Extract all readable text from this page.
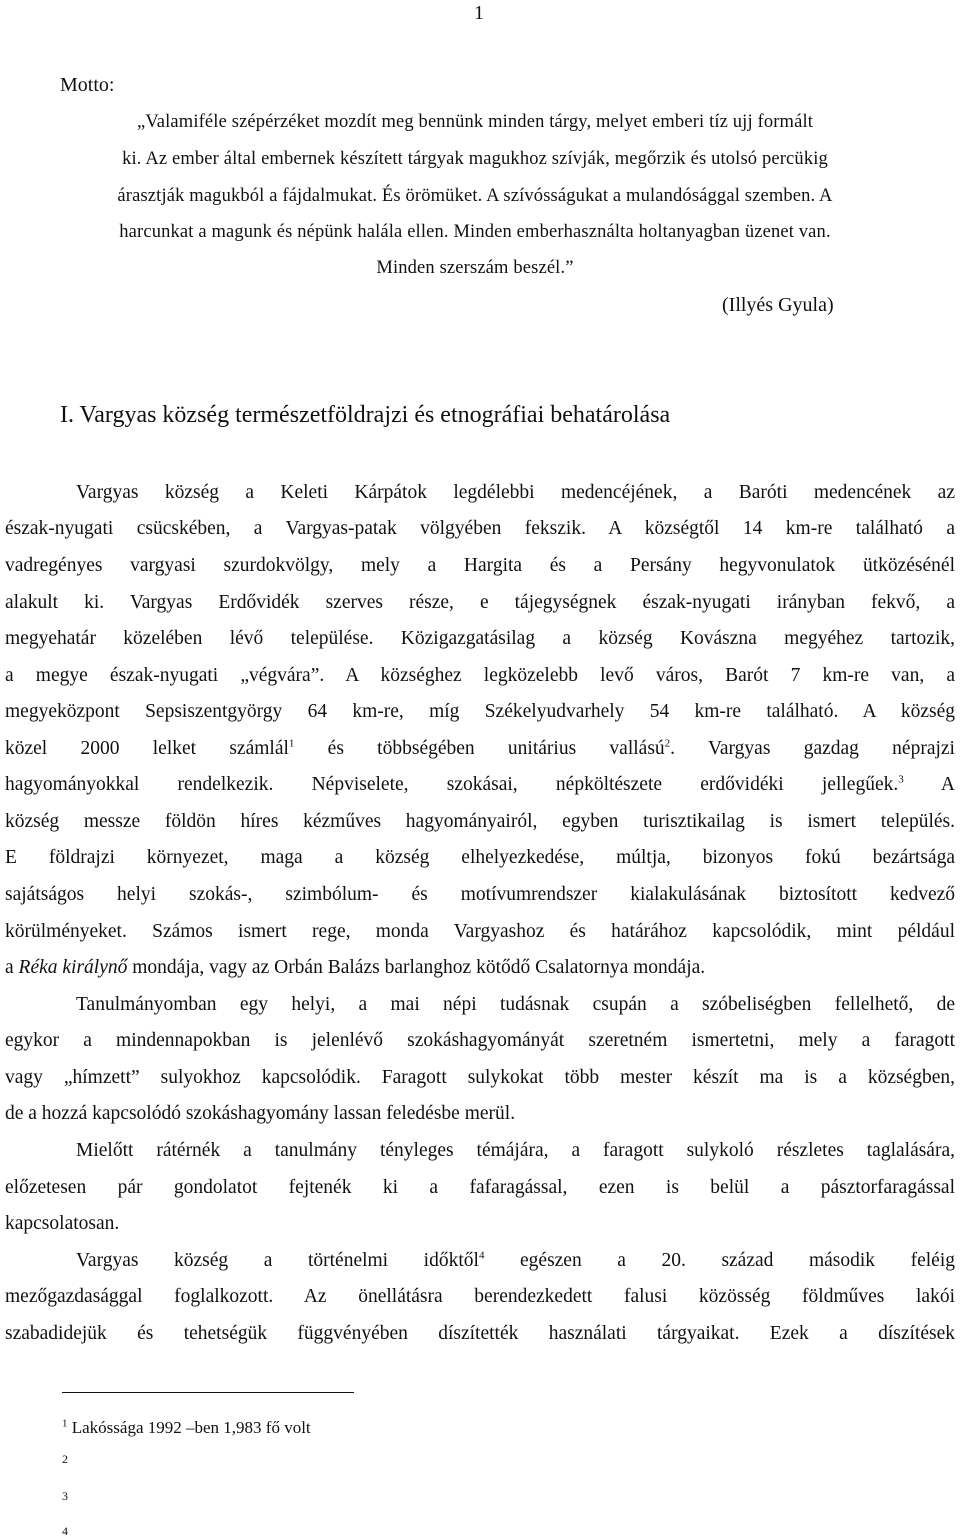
1
Motto:
„Valamiféle szépérzéket mozdít meg bennünk minden tárgy, melyet emberi tíz ujj formált
ki. Az ember által embernek készített tárgyak magukhoz szívják, megőrzik és utolsó percükig
árasztják magukból a fájdalmukat. És örömüket. A szívósságukat a mulandósággal szemben. A
harcunkat a magunk és népünk halála ellen. Minden emberhasználta holtanyagban üzenet van.
Minden szerszám beszél.”
(Illyés Gyula)
I. Vargyas község természetföldrajzi és etnográfiai behatárolása
Vargyas község a Keleti Kárpátok legdélebbi medencéjének, a Baróti medencének az
észak-nyugati csücskében, a Vargyas-patak völgyében fekszik. A községtől 14 km-re található a
vadregényes vargyasi szurdokvölgy, mely a Hargita és a Persány hegyvonulatok ütközésénél
alakult ki. Vargyas Erdővidék szerves része, e tájegységnek észak-nyugati irányban fekvő, a
megyehatár közelében lévő települése. Közigazgatásilag a község Kovászna megyéhez tartozik,
a megye észak-nyugati „végvára”. A községhez legközelebb levő város, Barót 7 km-re van, a
megyeközpont Sepsiszentgyörgy 64 km-re, míg Székelyudvarhely 54 km-re található. A község
közel 2000 lelket számlál$^1$ és többségében unitárius vallású$^2$. Vargyas gazdag néprajzi
hagyományokkal rendelkezik. Népviselete, szokásai, népköltészete erdővidéki jellegűek.$^3$ A
község messze földön híres kézműves hagyományairól, egyben turisztikailag is ismert település.
E földrajzi környezet, maga a község elhelyezkedése, múltja, bizonyos fokú bezártsága
sajátságos helyi szokás-, szimbólum- és motívumrendszer kialakulásának biztosított kedvező
körülményeket. Számos ismert rege, monda Vargyashoz és határához kapcsolódik, mint például
a Réka királynő mondája, vagy az Orbán Balázs barlanghoz kötődő Csalatornya mondája.
Tanulmányomban egy helyi, a mai népi tudásnak csupán a szóbeliségben fellelhető, de
egykor a mindennapokban is jelenlévő szokáshagyományát szeretném ismertetni, mely a faragott
vagy „hímzett” sulyokhoz kapcsolódik. Faragott sulykokat több mester készít ma is a községben,
de a hozzá kapcsolódó szokáshagyomány lassan feledésbe merül.
Mielőtt rátérnék a tanulmány tényleges témájára, a faragott sulykoló részletes taglalására,
előzetesen pár gondolatot fejtenék ki a fafaragással, ezen is belül a pásztorfaragással
kapcsolatosan.
Vargyas község a történelmi időktől$^4$ egészen a 20. század második feléig
mezőgazdasággal foglalkozott. Az önellátásra berendezkedett falusi közösség földműves lakói
szabadidejük és tehetségük függvényében díszítették használati tárgyaikat. Ezek a díszítések
$^1$ Lakóssága 1992 –ben 1,983 fő volt
2
3
4
